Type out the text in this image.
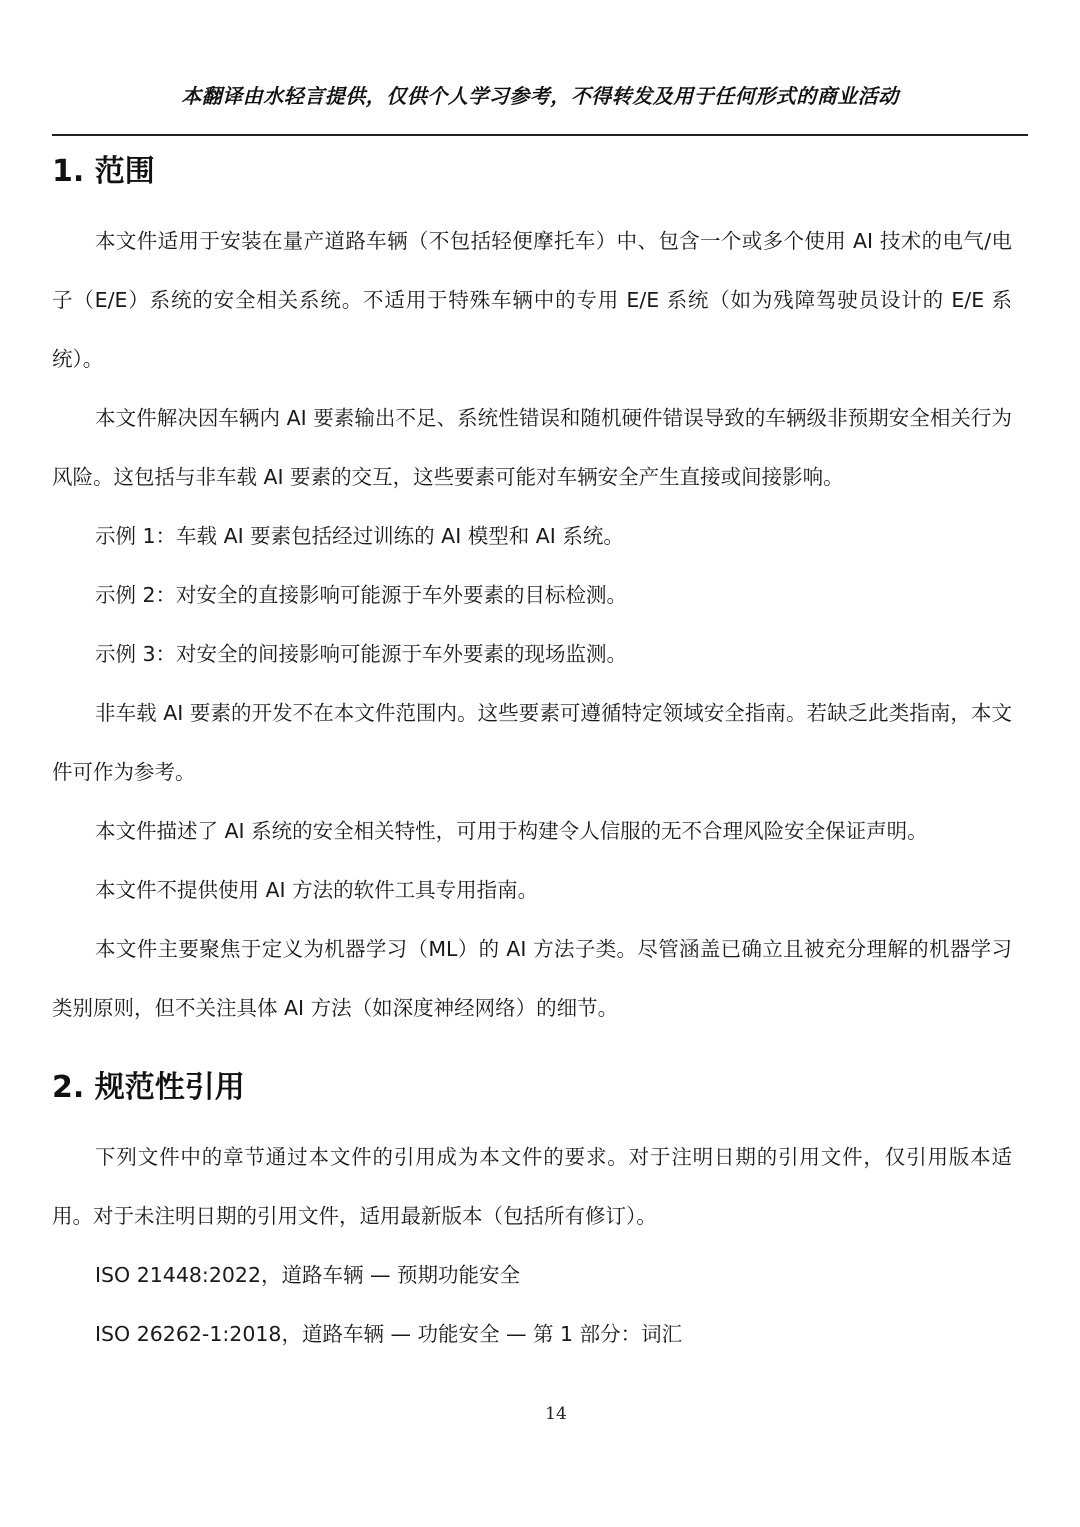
本翻译由水轻言提供，仅供个人学习参考，不得转发及用于任何形式的商业活动
1. 范围
本文件适用于安装在量产道路车辆（不包括轻便摩托车）中、包含一个或多个使用 AI 技术的电气/电子（E/E）系统的安全相关系统。不适用于特殊车辆中的专用 E/E 系统（如为残障驾驶员设计的 E/E 系统）。
本文件解决因车辆内 AI 要素输出不足、系统性错误和随机硬件错误导致的车辆级非预期安全相关行为风险。这包括与非车载 AI 要素的交互，这些要素可能对车辆安全产生直接或间接影响。
示例 1：车载 AI 要素包括经过训练的 AI 模型和 AI 系统。
示例 2：对安全的直接影响可能源于车外要素的目标检测。
示例 3：对安全的间接影响可能源于车外要素的现场监测。
非车载 AI 要素的开发不在本文件范围内。这些要素可遵循特定领域安全指南。若缺乏此类指南，本文件可作为参考。
本文件描述了 AI 系统的安全相关特性，可用于构建令人信服的无不合理风险安全保证声明。
本文件不提供使用 AI 方法的软件工具专用指南。
本文件主要聚焦于定义为机器学习（ML）的 AI 方法子类。尽管涵盖已确立且被充分理解的机器学习类别原则，但不关注具体 AI 方法（如深度神经网络）的细节。
2. 规范性引用
下列文件中的章节通过本文件的引用成为本文件的要求。对于注明日期的引用文件，仅引用版本适用。对于未注明日期的引用文件，适用最新版本（包括所有修订）。
ISO 21448:2022，道路车辆 — 预期功能安全
ISO 26262-1:2018，道路车辆 — 功能安全 — 第 1 部分：词汇
14
